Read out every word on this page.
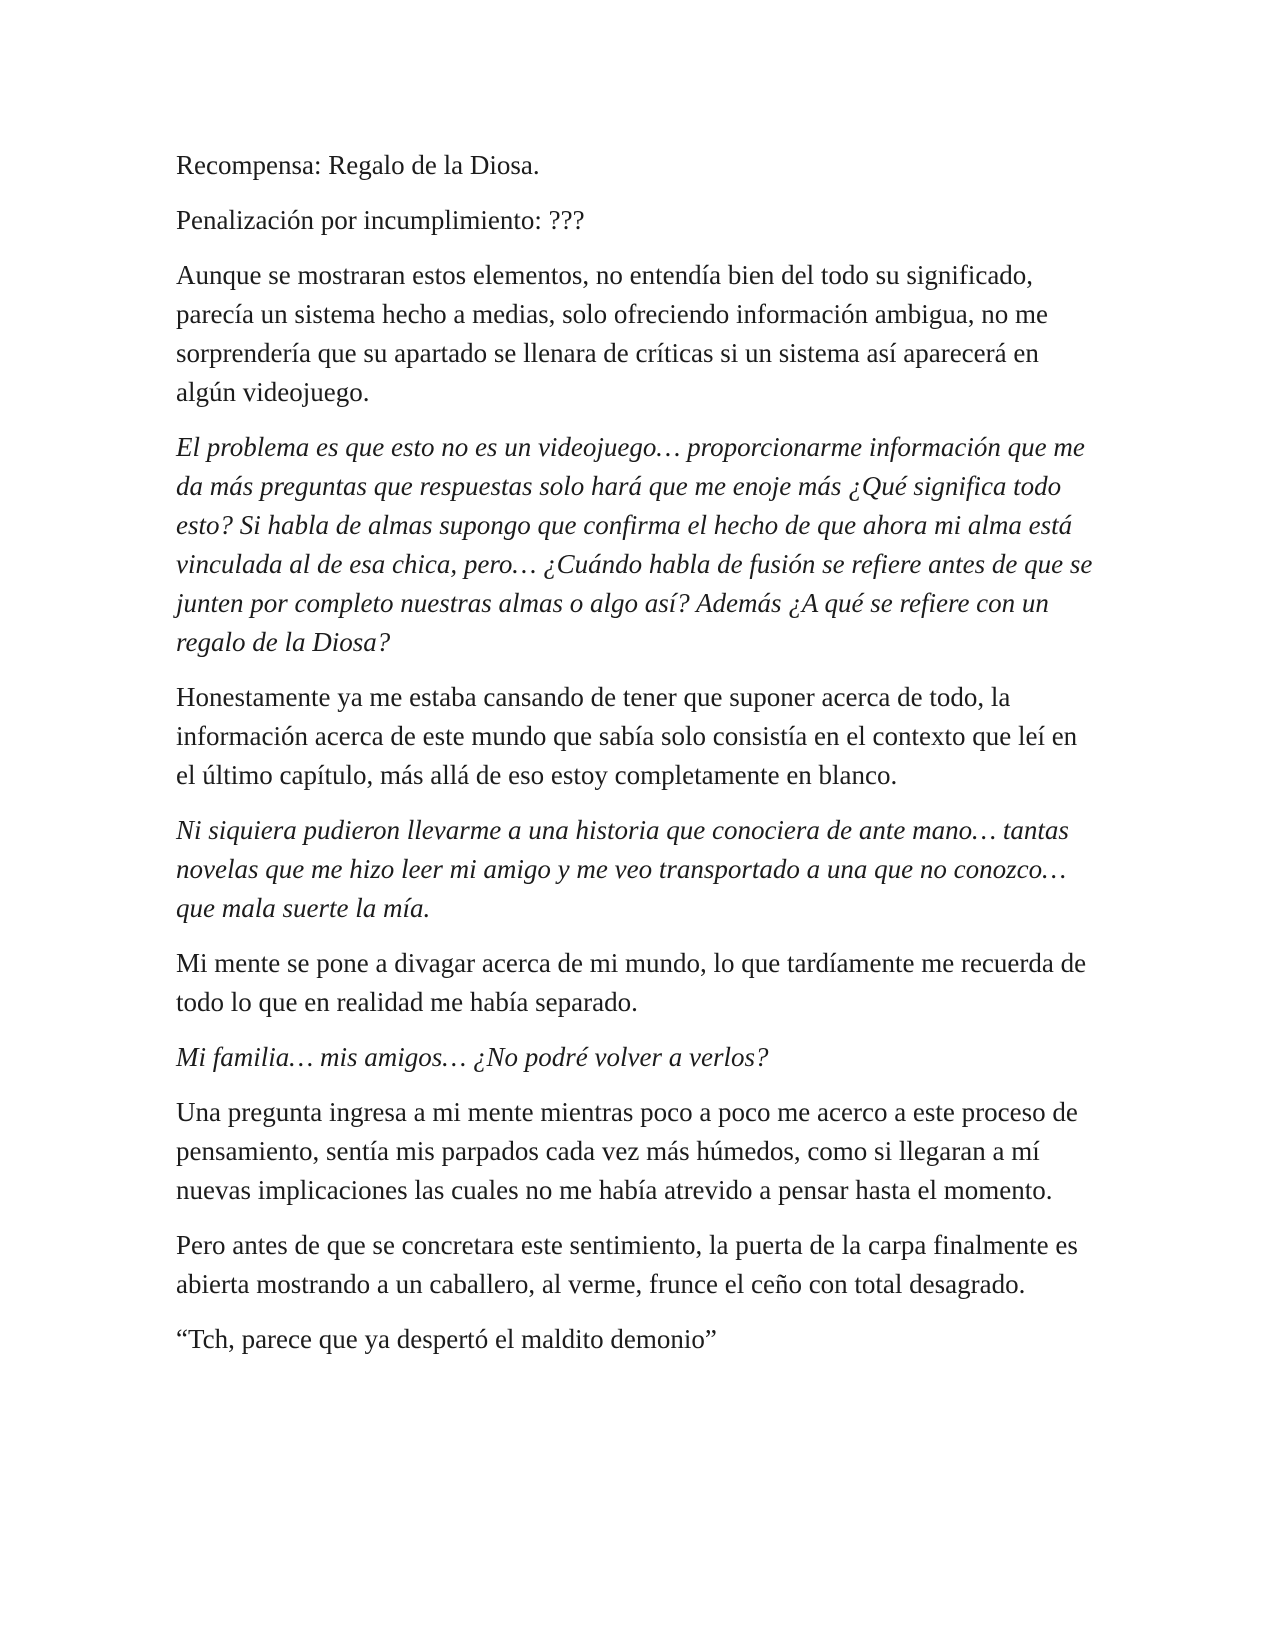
Recompensa: Regalo de la Diosa.

Penalización por incumplimiento: ???

Aunque se mostraran estos elementos, no entendía bien del todo su significado, parecía un sistema hecho a medias, solo ofreciendo información ambigua, no me sorprendería que su apartado se llenara de críticas si un sistema así aparecerá en algún videojuego.

El problema es que esto no es un videojuego… proporcionarme información que me da más preguntas que respuestas solo hará que me enoje más ¿Qué significa todo esto? Si habla de almas supongo que confirma el hecho de que ahora mi alma está vinculada al de esa chica, pero… ¿Cuándo habla de fusión se refiere antes de que se junten por completo nuestras almas o algo así? Además ¿A qué se refiere con un regalo de la Diosa?

Honestamente ya me estaba cansando de tener que suponer acerca de todo, la información acerca de este mundo que sabía solo consistía en el contexto que leí en el último capítulo, más allá de eso estoy completamente en blanco.

Ni siquiera pudieron llevarme a una historia que conociera de ante mano… tantas novelas que me hizo leer mi amigo y me veo transportado a una que no conozco… que mala suerte la mía.

Mi mente se pone a divagar acerca de mi mundo, lo que tardíamente me recuerda de todo lo que en realidad me había separado.

Mi familia… mis amigos… ¿No podré volver a verlos?

Una pregunta ingresa a mi mente mientras poco a poco me acerco a este proceso de pensamiento, sentía mis parpados cada vez más húmedos, como si llegaran a mí nuevas implicaciones las cuales no me había atrevido a pensar hasta el momento.

Pero antes de que se concretara este sentimiento, la puerta de la carpa finalmente es abierta mostrando a un caballero, al verme, frunce el ceño con total desagrado.

“Tch, parece que ya despertó el maldito demonio”
